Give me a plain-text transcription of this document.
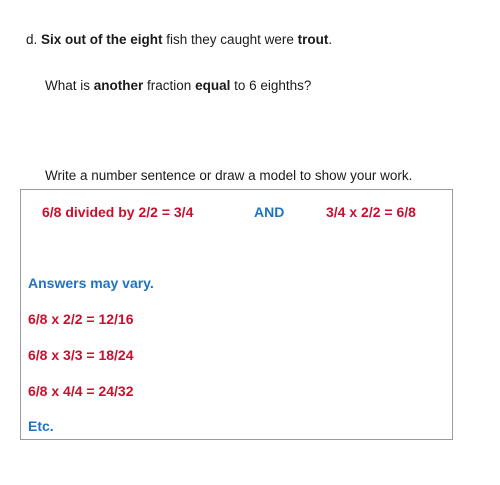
d. Six out of the eight fish they caught were trout.
What is another fraction equal to 6 eighths?
Write a number sentence or draw a model to show your work.
6/8 divided by 2/2 = 3/4	AND	3/4 x 2/2 = 6/8
Answers may vary.
6/8 x 2/2 = 12/16
6/8 x 3/3 = 18/24
6/8 x 4/4 = 24/32
Etc.
